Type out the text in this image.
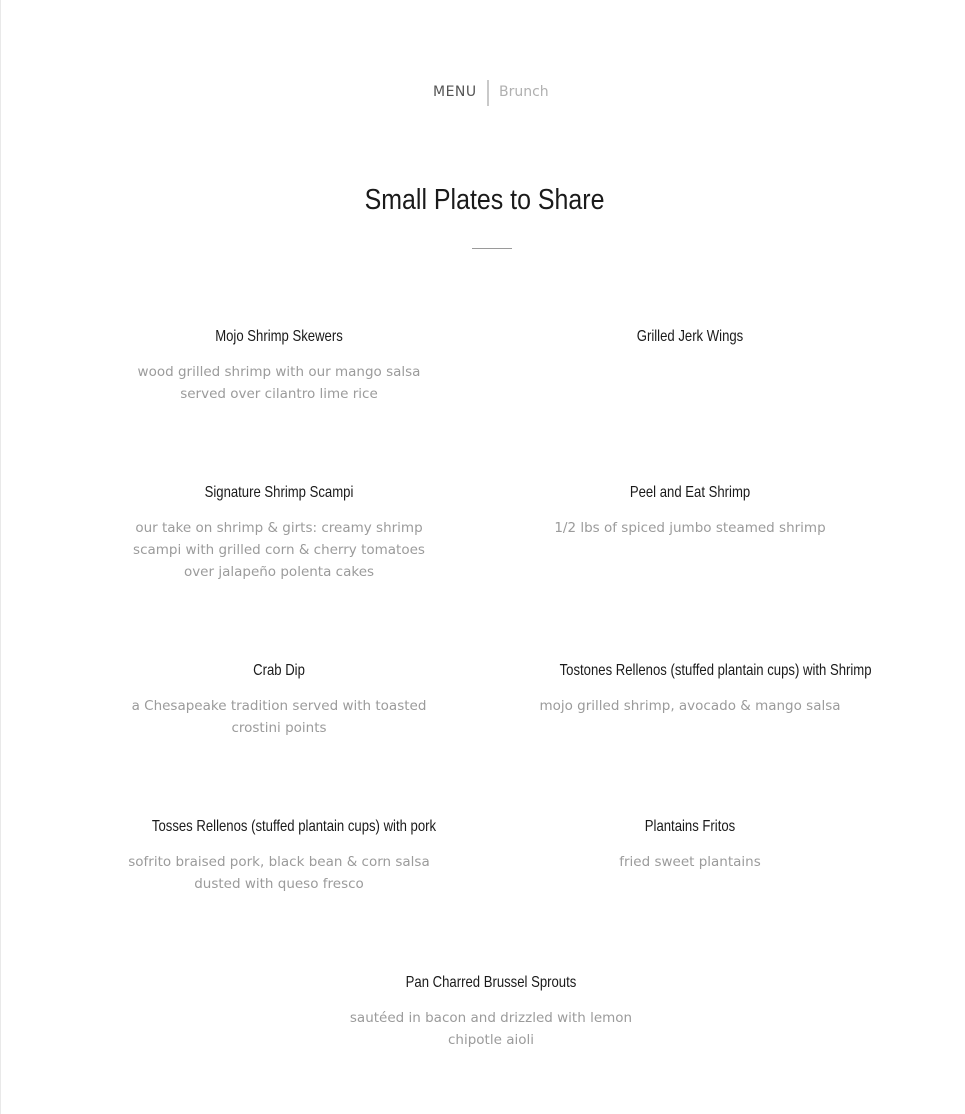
MENU Brunch
Small Plates to Share
Mojo Shrimp Skewers
wood grilled shrimp with our mango salsa served over cilantro lime rice
Grilled Jerk Wings
Signature Shrimp Scampi
our take on shrimp & girts: creamy shrimp scampi with grilled corn & cherry tomatoes over jalapeño polenta cakes
Peel and Eat Shrimp
1/2 lbs of spiced jumbo steamed shrimp
Crab Dip
a Chesapeake tradition served with toasted crostini points
Tostones Rellenos (stuffed plantain cups) with Shrimp
mojo grilled shrimp, avocado & mango salsa
Tosses Rellenos (stuffed plantain cups) with pork
sofrito braised pork, black bean & corn salsa dusted with queso fresco
Plantains Fritos
fried sweet plantains
Pan Charred Brussel Sprouts
sautéed in bacon and drizzled with lemon chipotle aioli
